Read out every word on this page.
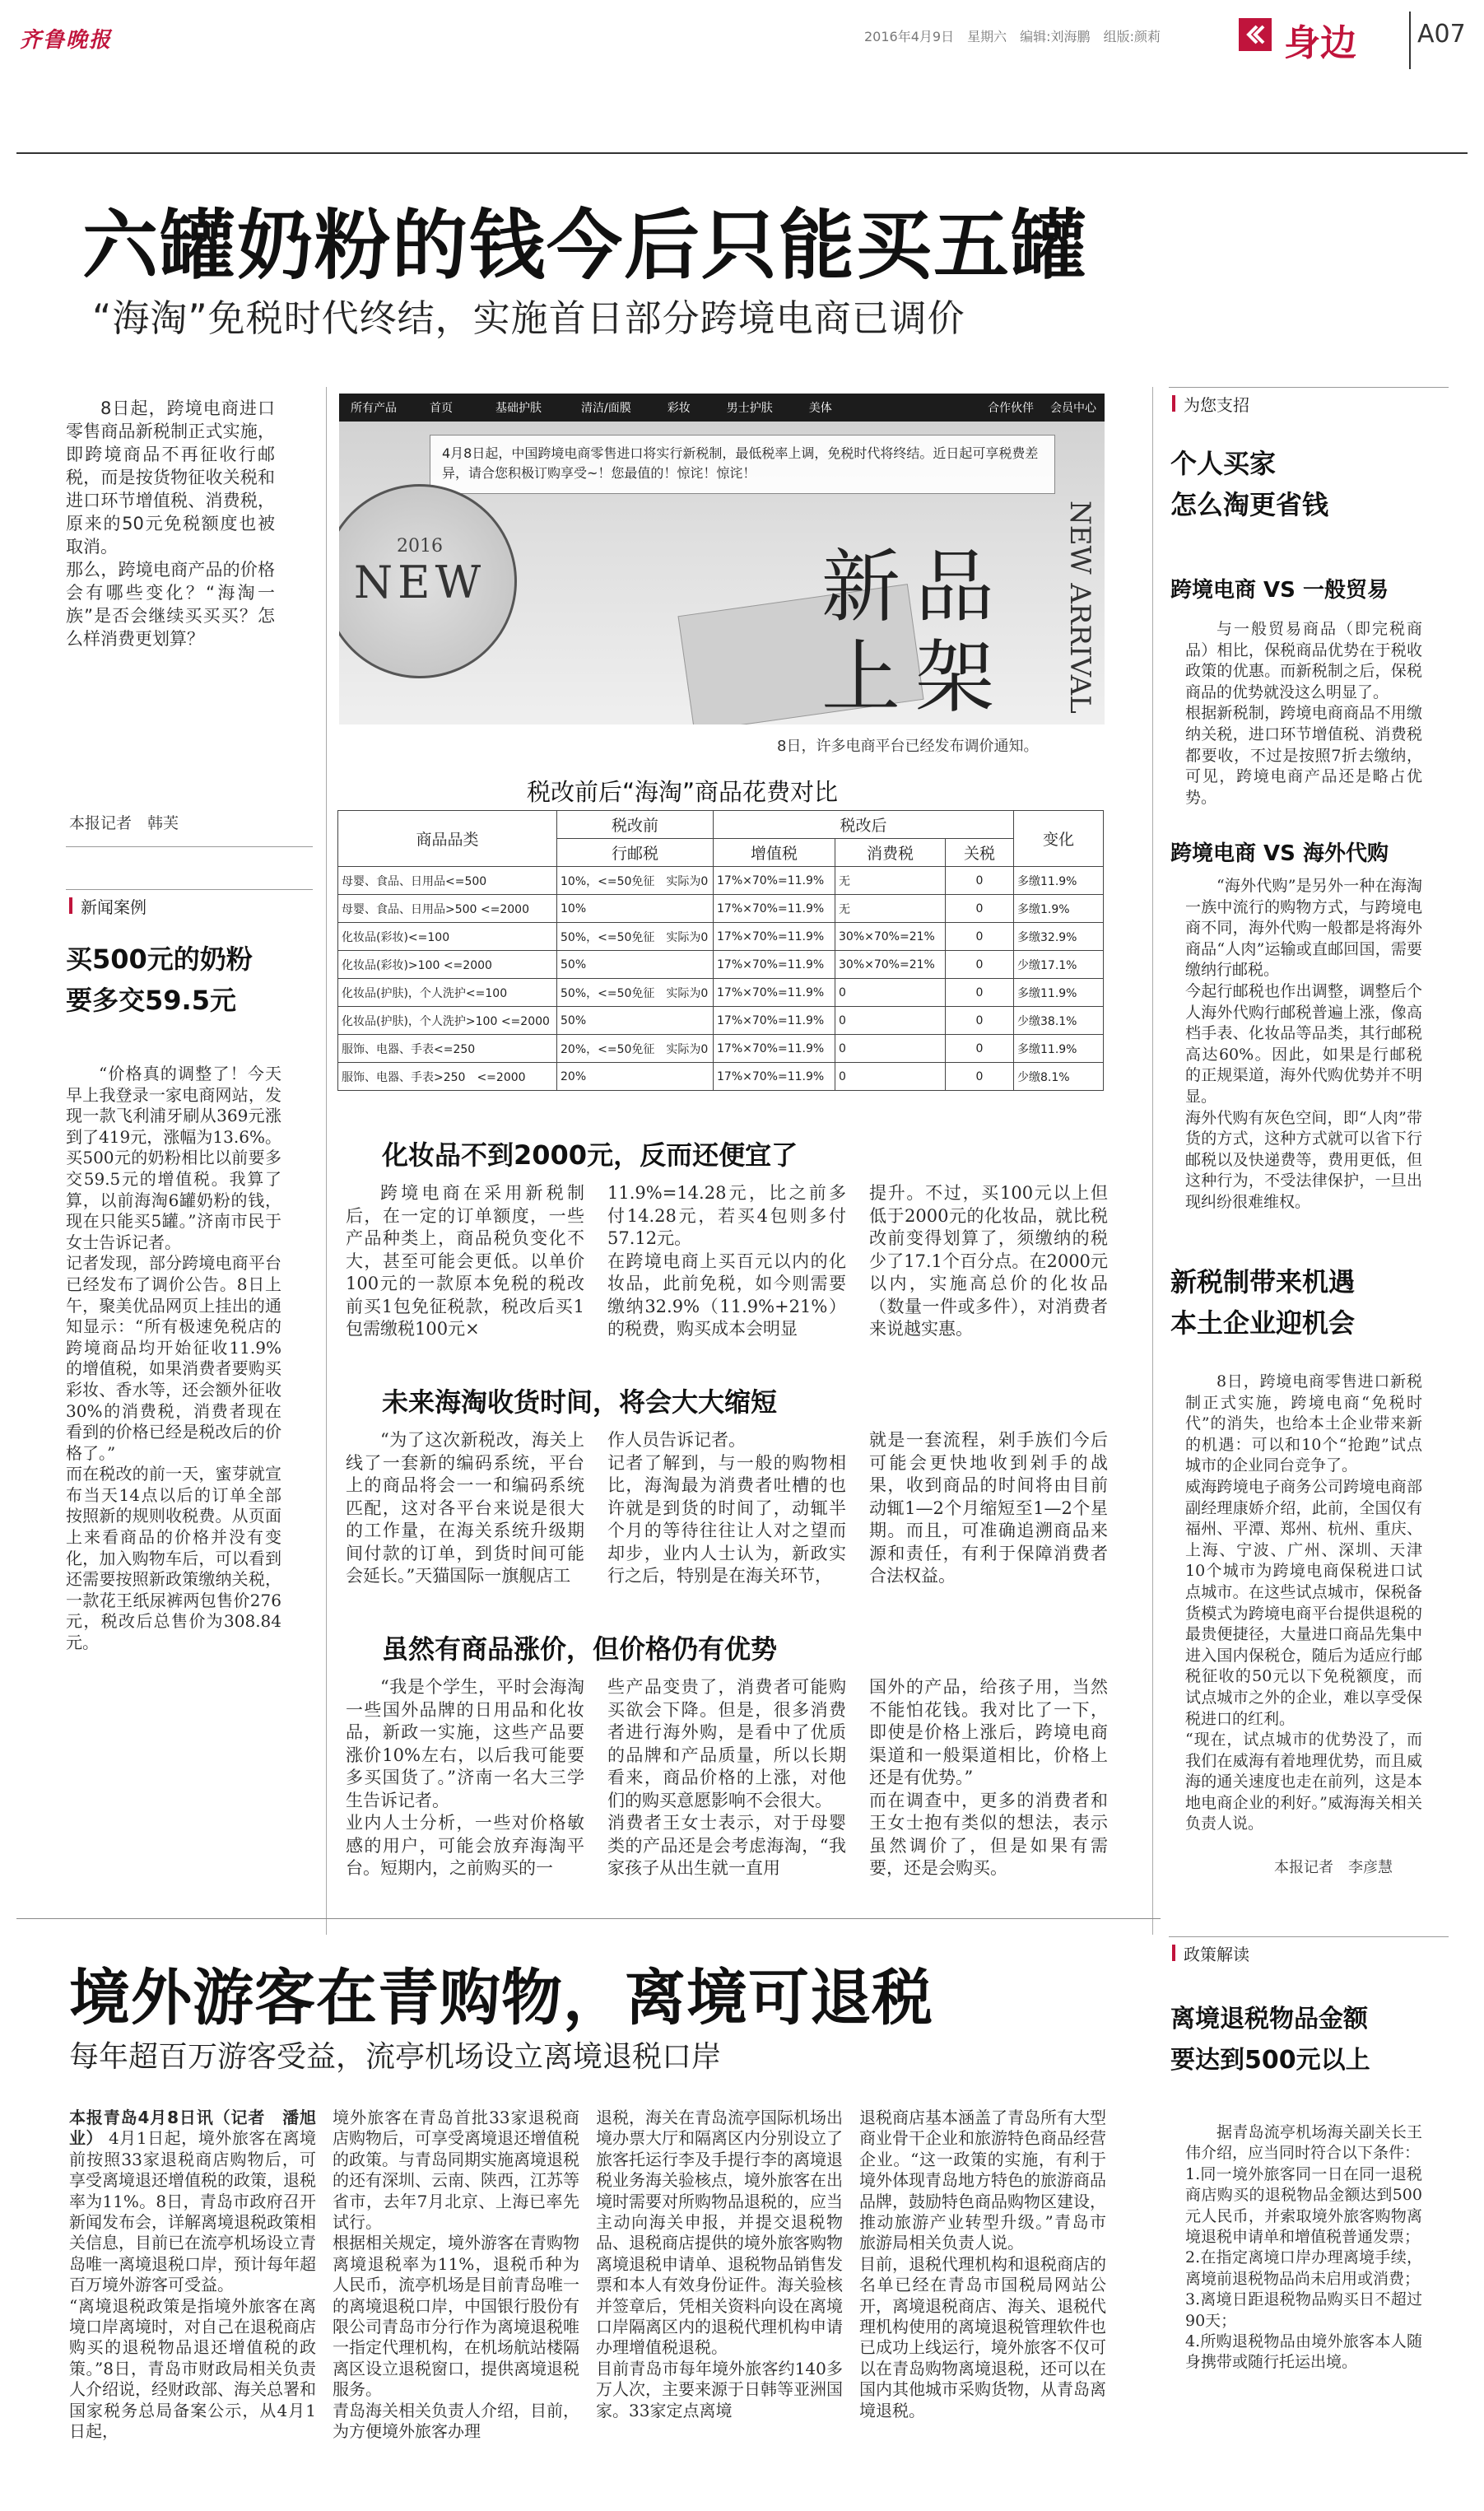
齐鲁晚报	2016年4月9日　 星期六　 编辑:刘海鹏　 组版:颜莉	身边 A07
六罐奶粉的钱今后只能买五罐
“海淘”免税时代终结，实施首日部分跨境电商已调价

8日起，跨境电商进口零售商品新税制正式实施，即跨境商品不再征收行邮税，而是按货物征收关税和进口环节增值税、消费税，原来的50元免税额度也被取消。
那么，跨境电商产品的价格会有哪些变化？“海淘一族”是否会继续买买买？怎么样消费更划算？

本报记者　韩芙
所有产品	首页	基础护肤	清洁/面膜	彩妆	男士护肤	美体	合作伙伴	会员中心
4月8日起，中国跨境电商零售进口将实行新税制，最低税率上调，免税时代将终结。近日起可享税费差异，请合您积极订购享受~！您最值的！惊诧！惊诧！
2016
NEW	新品上架	NEW ARRIVAL
8日，许多电商平台已经发布调价通知。
税改前后“海淘”商品花费对比
商品品类	税改前	税改后			变化
	行邮税	增值税	消费税	关税	
母婴、食品、日用品<=500	10%，<=50免征　实际为0	17%×70%=11.9%	无	0	多缴11.9%
母婴、食品、日用品>500 <=2000	10%	17%×70%=11.9%	无	0	多缴1.9%
化妆品(彩妆)<=100	50%，<=50免征　实际为0	17%×70%=11.9%	30%×70%=21%	0	多缴32.9%
化妆品(彩妆)>100 <=2000	50%	17%×70%=11.9%	30%×70%=21%	0	少缴17.1%
化妆品(护肤)，个人洗护<=100	50%，<=50免征　实际为0	17%×70%=11.9%	0	0	多缴11.9%
化妆品(护肤)，个人洗护>100 <=2000	50%	17%×70%=11.9%	0	0	少缴38.1%
服饰、电器、手表<=250	20%，<=50免征　实际为0	17%×70%=11.9%	0	0	多缴11.9%
服饰、电器、手表>250　<=2000	20%	17%×70%=11.9%	0	0	少缴8.1%
新闻案例
买500元的奶粉
要多交59.5元

“价格真的调整了！今天早上我登录一家电商网站，发现一款飞利浦牙刷从369元涨到了419元，涨幅为13.6%。买500元的奶粉相比以前要多交59.5元的增值税。我算了算，以前海淘6罐奶粉的钱，现在只能买5罐。”济南市民于女士告诉记者。
记者发现，部分跨境电商平台已经发布了调价公告。8日上午，聚美优品网页上挂出的通知显示：“所有极速免税店的跨境商品均开始征收11.9%的增值税，如果消费者要购买彩妆、香水等，还会额外征收30%的消费税，消费者现在看到的价格已经是税改后的价格了。”
而在税改的前一天，蜜芽就宣布当天14点以后的订单全部按照新的规则收税费。从页面上来看商品的价格并没有变化，加入购物车后，可以看到还需要按照新政策缴纳关税，一款花王纸尿裤两包售价276元，税改后总售价为308.84元。

化妆品不到2000元，反而还便宜了

跨境电商在采用新税制后，在一定的订单额度，一些产品种类上，商品税负变化不大，甚至可能会更低。以单价100元的一款原本免税的税改前买1包免征税款，税改后买1包需缴税100元×

11.9%=14.28元，比之前多付14.28元，若买4包则多付57.12元。
在跨境电商上买百元以内的化妆品，此前免税，如今则需要缴纳32.9%（11.9%+21%）的税费，购买成本会明显

提升。不过，买100元以上但低于2000元的化妆品，就比税改前变得划算了，须缴纳的税少了17.1个百分点。在2000元以内，实施高总价的化妆品（数量一件或多件），对消费者来说越实惠。

未来海淘收货时间，将会大大缩短

“为了这次新税改，海关上线了一套新的编码系统，平台上的商品将会一一和编码系统匹配，这对各平台来说是很大的工作量，在海关系统升级期间付款的订单，到货时间可能会延长。”天猫国际一旗舰店工

作人员告诉记者。
记者了解到，与一般的购物相比，海淘最为消费者吐槽的也许就是到货的时间了，动辄半个月的等待往往让人对之望而却步，业内人士认为，新政实行之后，特别是在海关环节，

就是一套流程，剁手族们今后可能会更快地收到剁手的战果，收到商品的时间将由目前动辄1—2个月缩短至1—2个星期。而且，可准确追溯商品来源和责任，有利于保障消费者合法权益。

虽然有商品涨价，但价格仍有优势

“我是个学生，平时会海淘一些国外品牌的日用品和化妆品，新政一实施，这些产品要涨价10%左右，以后我可能要多买国货了。”济南一名大三学生告诉记者。
业内人士分析，一些对价格敏感的用户，可能会放弃海淘平台。短期内，之前购买的一

些产品变贵了，消费者可能购买欲会下降。但是，很多消费者进行海外购，是看中了优质的品牌和产品质量，所以长期看来，商品价格的上涨，对他们的购买意愿影响不会很大。
消费者王女士表示，对于母婴类的产品还是会考虑海淘，“我家孩子从出生就一直用

国外的产品，给孩子用，当然不能怕花钱。我对比了一下，即使是价格上涨后，跨境电商渠道和一般渠道相比，价格上还是有优势。”
而在调查中，更多的消费者和王女士抱有类似的想法，表示虽然调价了，但是如果有需要，还是会购买。

为您支招
个人买家
怎么淘更省钱
跨境电商 VS 一般贸易

与一般贸易商品（即完税商品）相比，保税商品优势在于税收政策的优惠。而新税制之后，保税商品的优势就没这么明显了。
根据新税制，跨境电商商品不用缴纳关税，进口环节增值税、消费税都要收，不过是按照7折去缴纳，可见，跨境电商产品还是略占优势。

跨境电商 VS 海外代购

“海外代购”是另外一种在海淘一族中流行的购物方式，与跨境电商不同，海外代购一般都是将海外商品“人肉”运输或直邮回国，需要缴纳行邮税。
今起行邮税也作出调整，调整后个人海外代购行邮税普遍上涨，像高档手表、化妆品等品类，其行邮税高达60%。因此，如果是行邮税的正规渠道，海外代购优势并不明显。
海外代购有灰色空间，即“人肉”带货的方式，这种方式就可以省下行邮税以及快递费等，费用更低，但这种行为，不受法律保护，一旦出现纠纷很难维权。

新税制带来机遇
本土企业迎机会

8日，跨境电商零售进口新税制正式实施，跨境电商“免税时代”的消失，也给本土企业带来新的机遇：可以和10个“抢跑”试点城市的企业同台竞争了。
威海跨境电子商务公司跨境电商部副经理康娇介绍，此前，全国仅有福州、平潭、郑州、杭州、重庆、上海、宁波、广州、深圳、天津10个城市为跨境电商保税进口试点城市。在这些试点城市，保税备货模式为跨境电商平台提供退税的最贵便捷径，大量进口商品先集中进入国内保税仓，随后为适应行邮税征收的50元以下免税额度，而试点城市之外的企业，难以享受保税进口的红利。
“现在，试点城市的优势没了，而我们在威海有着地理优势，而且威海的通关速度也走在前列，这是本地电商企业的利好。”威海海关相关负责人说。

本报记者　李彦慧
境外游客在青购物，离境可退税
每年超百万游客受益，流亭机场设立离境退税口岸
本报青岛4月8日讯（记者　潘旭业） 4月1日起，境外旅客在离境前按照33家退税商店购物后，可享受离境退还增值税的政策，退税率为11%。8日，青岛市政府召开新闻发布会，详解离境退税政策相关信息，目前已在流亭机场设立青岛唯一离境退税口岸，预计每年超百万境外游客可受益。
“离境退税政策是指境外旅客在离境口岸离境时，对自己在退税商店购买的退税物品退还增值税的政策。”8日，青岛市财政局相关负责人介绍说，经财政部、海关总署和国家税务总局备案公示，从4月1日起，

境外旅客在青岛首批33家退税商店购物后，可享受离境退还增值税的政策。与青岛同期实施离境退税的还有深圳、云南、陕西，江苏等省市，去年7月北京、上海已率先试行。
根据相关规定，境外游客在青购物离境退税率为11%，退税币种为人民币，流亭机场是目前青岛唯一的离境退税口岸，中国银行股份有限公司青岛市分行作为离境退税唯一指定代理机构，在机场航站楼隔离区设立退税窗口，提供离境退税服务。
青岛海关相关负责人介绍，目前，为方便境外旅客办理

退税，海关在青岛流亭国际机场出境办票大厅和隔离区内分别设立了旅客托运行李及手提行李的离境退税业务海关验核点，境外旅客在出境时需要对所购物品退税的，应当主动向海关申报，并提交退税物品、退税商店提供的境外旅客购物离境退税申请单、退税物品销售发票和本人有效身份证件。海关验核并签章后，凭相关资料向设在离境口岸隔离区内的退税代理机构申请办理增值税退税。
目前青岛市每年境外旅客约140多万人次，主要来源于日韩等亚洲国家。33家定点离境

退税商店基本涵盖了青岛所有大型商业骨干企业和旅游特色商品经营企业。“这一政策的实施，有利于境外体现青岛地方特色的旅游商品品牌，鼓励特色商品购物区建设，推动旅游产业转型升级。”青岛市旅游局相关负责人说。
目前，退税代理机构和退税商店的名单已经在青岛市国税局网站公开，离境退税商店、海关、退税代理机构使用的离境退税管理软件也已成功上线运行，境外旅客不仅可以在青岛购物离境退税，还可以在国内其他城市采购货物，从青岛离境退税。

政策解读
离境退税物品金额
要达到500元以上

据青岛流亭机场海关副关长王伟介绍，应当同时符合以下条件：
1.同一境外旅客同一日在同一退税商店购买的退税物品金额达到500元人民币，并索取境外旅客购物离境退税申请单和增值税普通发票；
2.在指定离境口岸办理离境手续，离境前退税物品尚未启用或消费；
3.离境日距退税物品购买日不超过90天；
4.所购退税物品由境外旅客本人随身携带或随行托运出境。
